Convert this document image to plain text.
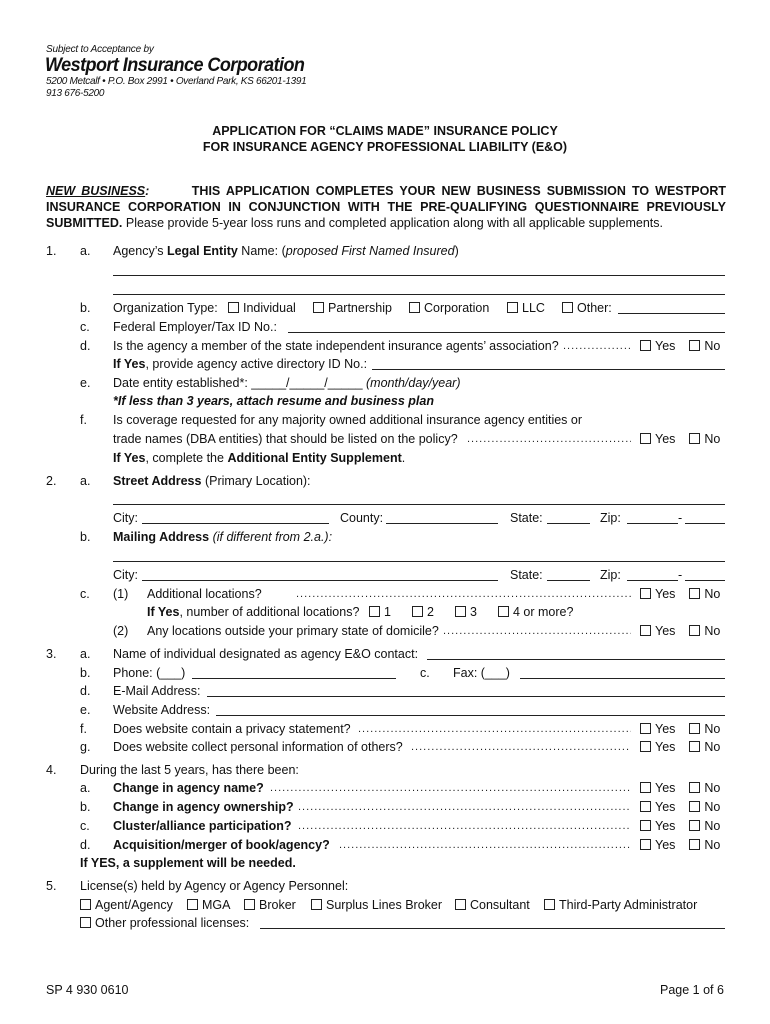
Subject to Acceptance by
Westport Insurance Corporation
5200 Metcalf • P.O. Box 2991 • Overland Park, KS 66201-1391
913 676-5200
APPLICATION FOR “CLAIMS MADE” INSURANCE POLICY
FOR INSURANCE AGENCY PROFESSIONAL LIABILITY (E&O)
NEW BUSINESS:	THIS APPLICATION COMPLETES YOUR NEW BUSINESS SUBMISSION TO WESTPORT INSURANCE CORPORATION IN CONJUNCTION WITH THE PRE-QUALIFYING QUESTIONNAIRE PREVIOUSLY SUBMITTED. Please provide 5-year loss runs and completed application along with all applicable supplements.
1. a. Agency’s Legal Entity Name: (proposed First Named Insured)
b. Organization Type:	Individual	Partnership	Corporation	LLC	Other:
c. Federal Employer/Tax ID No.:
d. Is the agency a member of the state independent insurance agents’ association? .....	Yes No
If Yes, provide agency active directory ID No.:
e. Date entity established*: _____/_____/_____ (month/day/year)
*If less than 3 years, attach resume and business plan
f. Is coverage requested for any majority owned additional insurance agency entities or
trade names (DBA entities) that should be listed on the policy? .....	Yes No
If Yes, complete the Additional Entity Supplement.
2. a. Street Address (Primary Location):
City:	County:	State:	Zip:	-
b. Mailing Address (if different from 2.a.):
City:	State:	Zip:	-
c. (1) Additional locations? .....	Yes No
If Yes, number of additional locations?	1	2	3	4 or more?
(2) Any locations outside your primary state of domicile? .....	Yes No
3. a. Name of individual designated as agency E&O contact:
b. Phone: (___)	c. Fax: (___)
d. E-Mail Address:
e. Website Address:
f. Does website contain a privacy statement? .....	Yes No
g. Does website collect personal information of others? .....	Yes No
4. During the last 5 years, has there been:
a. Change in agency name? .....	Yes No
b. Change in agency ownership? .....	Yes No
c. Cluster/alliance participation? .....	Yes No
d. Acquisition/merger of book/agency? .....	Yes No
If YES, a supplement will be needed.
5. License(s) held by Agency or Agency Personnel:
Agent/Agency	MGA	Broker	Surplus Lines Broker	Consultant	Third-Party Administrator
Other professional licenses:
SP 4 930 0610	Page 1 of 6
